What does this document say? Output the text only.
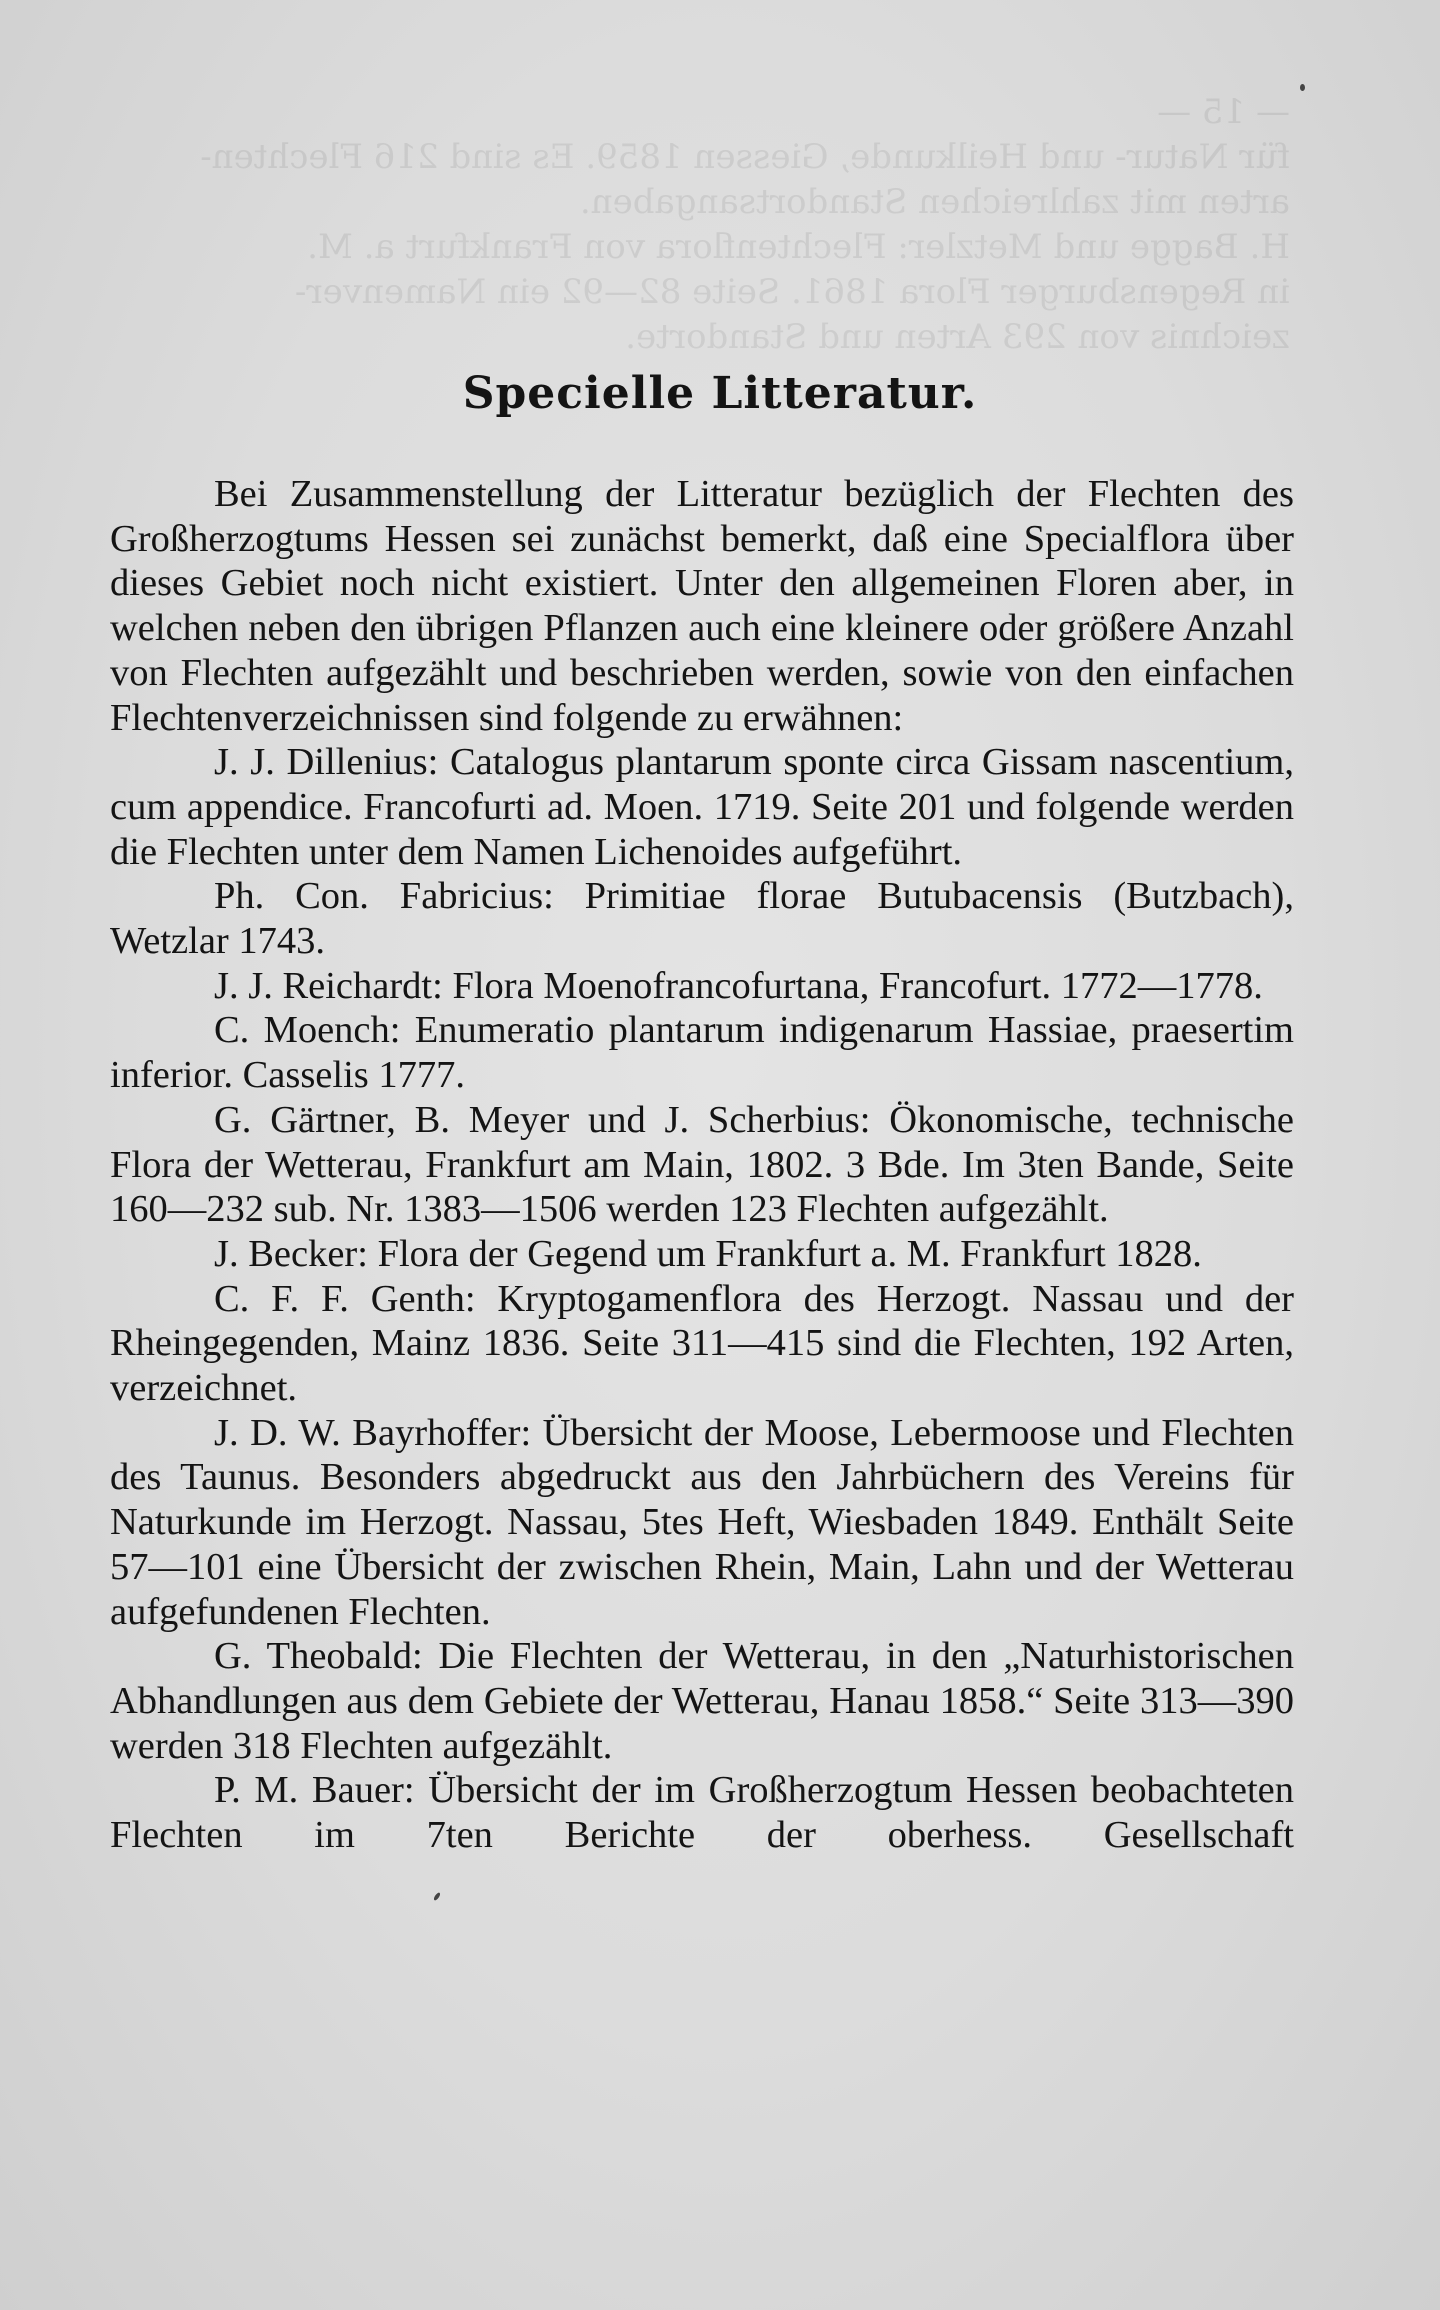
— 15 —
für Natur- und Heilkunde, Giessen 1859. Es sind 216 Flechten-
arten mit zahlreichen Standortsangaben.
H. Bagge und Metzler: Flechtenflora von Frankfurt a. M.
in Regensburger Flora 1861. Seite 82—92 ein Namenver-
zeichnis von 293 Arten und Standorte.
Specielle Litteratur.

Bei Zusammenstellung der Litteratur bezüglich der Flechten des Großherzogtums Hessen sei zunächst bemerkt, daß eine Specialflora über dieses Gebiet noch nicht existiert. Unter den allgemeinen Floren aber, in welchen neben den übrigen Pflanzen auch eine kleinere oder größere Anzahl von Flechten aufgezählt und beschrieben werden, sowie von den einfachen Flechtenverzeichnissen sind folgende zu erwähnen:

J. J. Dillenius: Catalogus plantarum sponte circa Gissam nascentium, cum appendice. Francofurti ad. Moen. 1719. Seite 201 und folgende werden die Flechten unter dem Namen Lichenoides aufgeführt.

Ph. Con. Fabricius: Primitiae florae Butubacensis (Butzbach), Wetzlar 1743.

J. J. Reichardt: Flora Moenofrancofurtana, Francofurt. 1772—1778.

C. Moench: Enumeratio plantarum indigenarum Hassiae, praesertim inferior. Casselis 1777.

G. Gärtner, B. Meyer und J. Scherbius: Ökonomische, technische Flora der Wetterau, Frankfurt am Main, 1802. 3 Bde. Im 3ten Bande, Seite 160—232 sub. Nr. 1383—1506 werden 123 Flechten aufgezählt.

J. Becker: Flora der Gegend um Frankfurt a. M. Frankfurt 1828.

C. F. F. Genth: Kryptogamenflora des Herzogt. Nassau und der Rheingegenden, Mainz 1836. Seite 311—415 sind die Flechten, 192 Arten, verzeichnet.

J. D. W. Bayrhoffer: Übersicht der Moose, Lebermoose und Flechten des Taunus. Besonders abgedruckt aus den Jahrbüchern des Vereins für Naturkunde im Herzogt. Nassau, 5tes Heft, Wiesbaden 1849. Enthält Seite 57—101 eine Übersicht der zwischen Rhein, Main, Lahn und der Wetterau aufgefundenen Flechten.

G. Theobald: Die Flechten der Wetterau, in den „Naturhistorischen Abhandlungen aus dem Gebiete der Wetterau, Hanau 1858.“ Seite 313—390 werden 318 Flechten aufgezählt.

P. M. Bauer: Übersicht der im Großherzogtum Hessen beobachteten Flechten im 7ten Berichte der oberhess. Gesellschaft
